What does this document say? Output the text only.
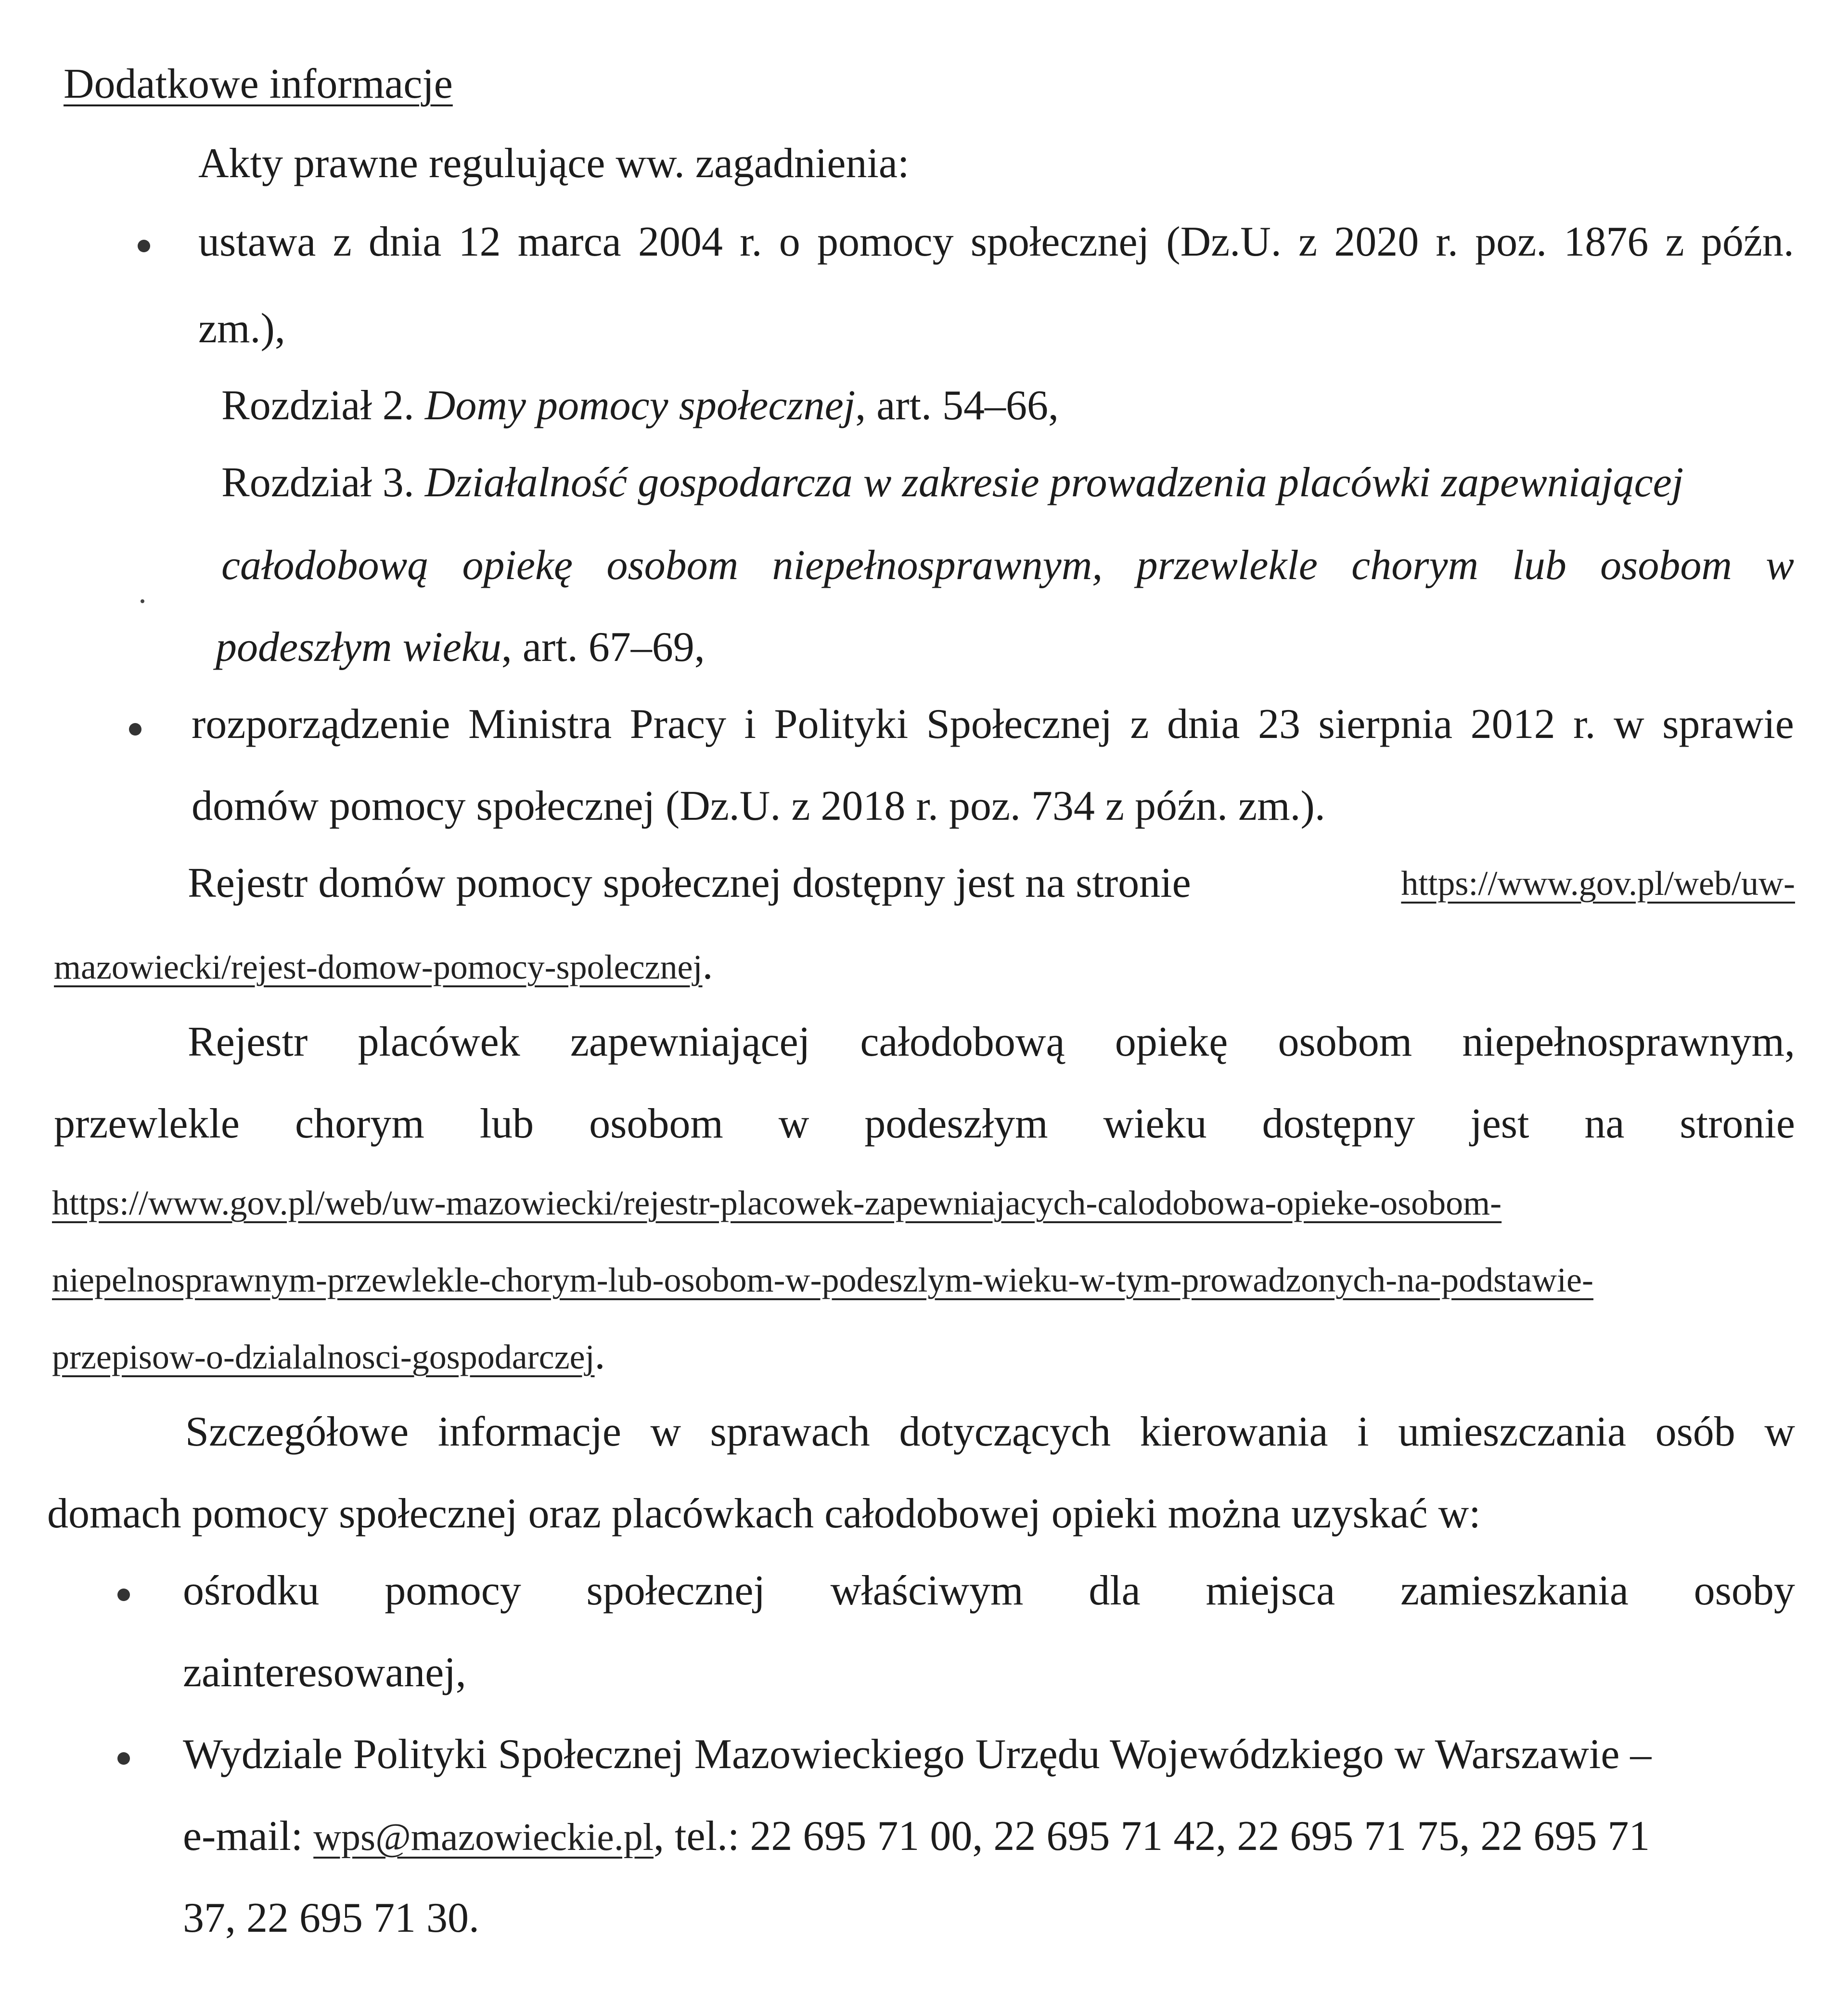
Dodatkowe informacje
Akty prawne regulujące ww. zagadnienia:
ustawa z dnia 12 marca 2004 r. o pomocy społecznej (Dz.U. z 2020 r. poz. 1876 z późn.
zm.),
Rozdział 2. Domy pomocy społecznej, art. 54–66,
Rozdział 3. Działalność gospodarcza w zakresie prowadzenia placówki zapewniającej
całodobową opiekę osobom niepełnosprawnym, przewlekle chorym lub osobom w
podeszłym wieku, art. 67–69,
rozporządzenie Ministra Pracy i Polityki Społecznej z dnia 23 sierpnia 2012 r. w sprawie
domów pomocy społecznej (Dz.U. z 2018 r. poz. 734 z późn. zm.).
Rejestr domów pomocy społecznej dostępny jest na stronie	https://www.gov.pl/web/uw-
mazowiecki/rejest-domow-pomocy-spolecznej.
Rejestr placówek zapewniającej całodobową opiekę osobom niepełnosprawnym,
przewlekle chorym lub osobom w podeszłym wieku dostępny jest na stronie
https://www.gov.pl/web/uw-mazowiecki/rejestr-placowek-zapewniajacych-calodobowa-opieke-osobom-
niepelnosprawnym-przewlekle-chorym-lub-osobom-w-podeszlym-wieku-w-tym-prowadzonych-na-podstawie-
przepisow-o-dzialalnosci-gospodarczej.
Szczegółowe informacje w sprawach dotyczących kierowania i umieszczania osób w
domach pomocy społecznej oraz placówkach całodobowej opieki można uzyskać w:
ośrodku pomocy społecznej właściwym dla miejsca zamieszkania osoby
zainteresowanej,
Wydziale Polityki Społecznej Mazowieckiego Urzędu Wojewódzkiego w Warszawie –
e-mail: wps@mazowieckie.pl, tel.: 22 695 71 00, 22 695 71 42, 22 695 71 75, 22 695 71
37, 22 695 71 30.
